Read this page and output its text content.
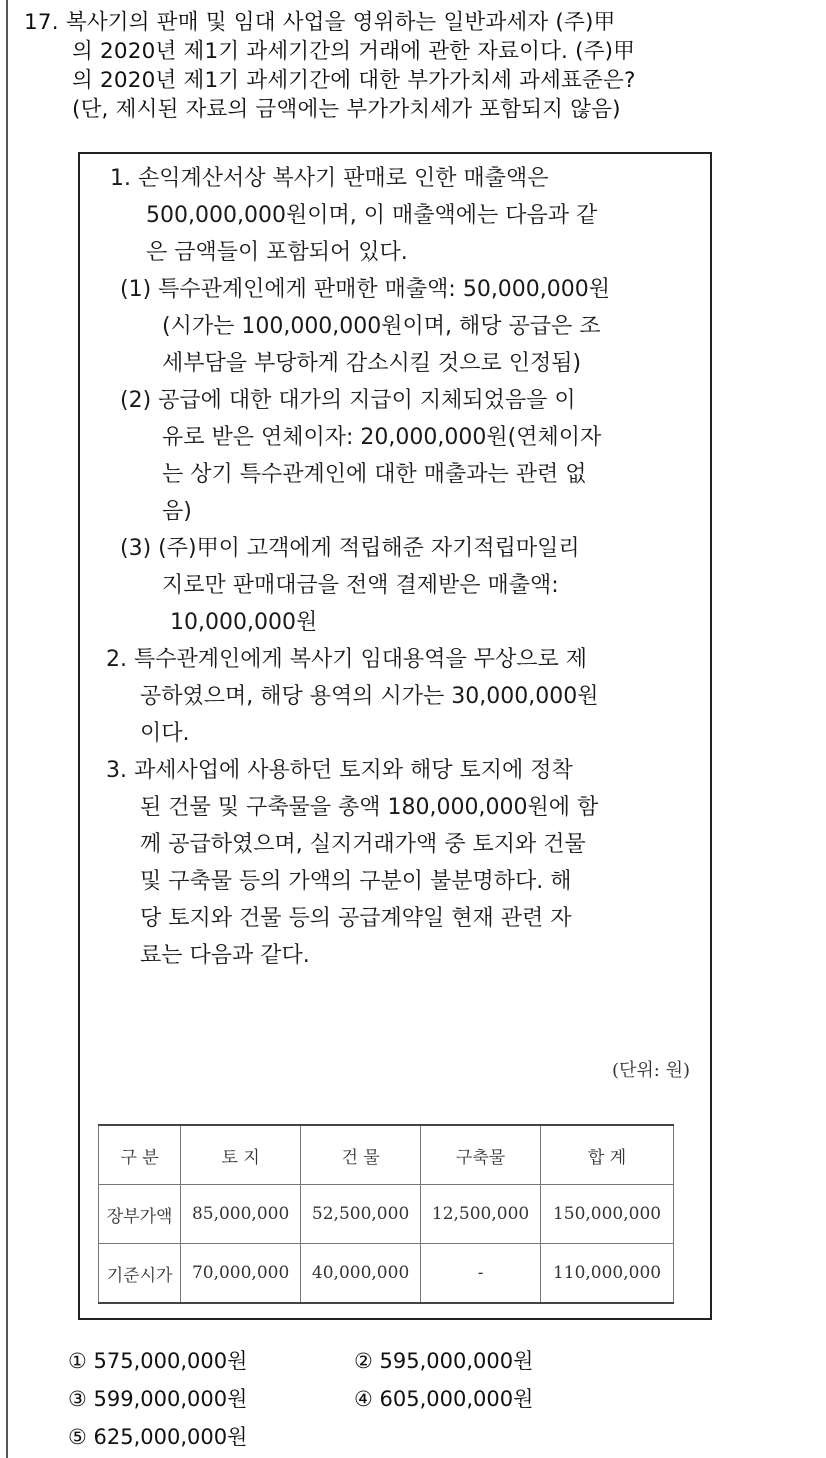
17. 복사기의 판매 및 임대 사업을 영위하는 일반과세자 (주)甲
의 2020년 제1기 과세기간의 거래에 관한 자료이다. (주)甲
의 2020년 제1기 과세기간에 대한 부가가치세 과세표준은?
(단, 제시된 자료의 금액에는 부가가치세가 포함되지 않음)
1. 손익계산서상 복사기 판매로 인한 매출액은
500,000,000원이며, 이 매출액에는 다음과 같
은 금액들이 포함되어 있다.
(1) 특수관계인에게 판매한 매출액: 50,000,000원
(시가는 100,000,000원이며, 해당 공급은 조
세부담을 부당하게 감소시킬 것으로 인정됨)
(2) 공급에 대한 대가의 지급이 지체되었음을 이
유로 받은 연체이자: 20,000,000원(연체이자
는 상기 특수관계인에 대한 매출과는 관련 없
음)
(3) (주)甲이 고객에게 적립해준 자기적립마일리
지로만 판매대금을 전액 결제받은 매출액:
10,000,000원
2. 특수관계인에게 복사기 임대용역을 무상으로 제
공하였으며, 해당 용역의 시가는 30,000,000원
이다.
3. 과세사업에 사용하던 토지와 해당 토지에 정착
된 건물 및 구축물을 총액 180,000,000원에 함
께 공급하였으며, 실지거래가액 중 토지와 건물
및 구축물 등의 가액의 구분이 불분명하다. 해
당 토지와 건물 등의 공급계약일 현재 관련 자
료는 다음과 같다.
(단위: 원)
구 분	토 지	건 물	구축물	합 계
장부가액	85,000,000	52,500,000	12,500,000	150,000,000
기준시가	70,000,000	40,000,000	-	110,000,000
① 575,000,000원	② 595,000,000원
③ 599,000,000원	④ 605,000,000원
⑤ 625,000,000원
